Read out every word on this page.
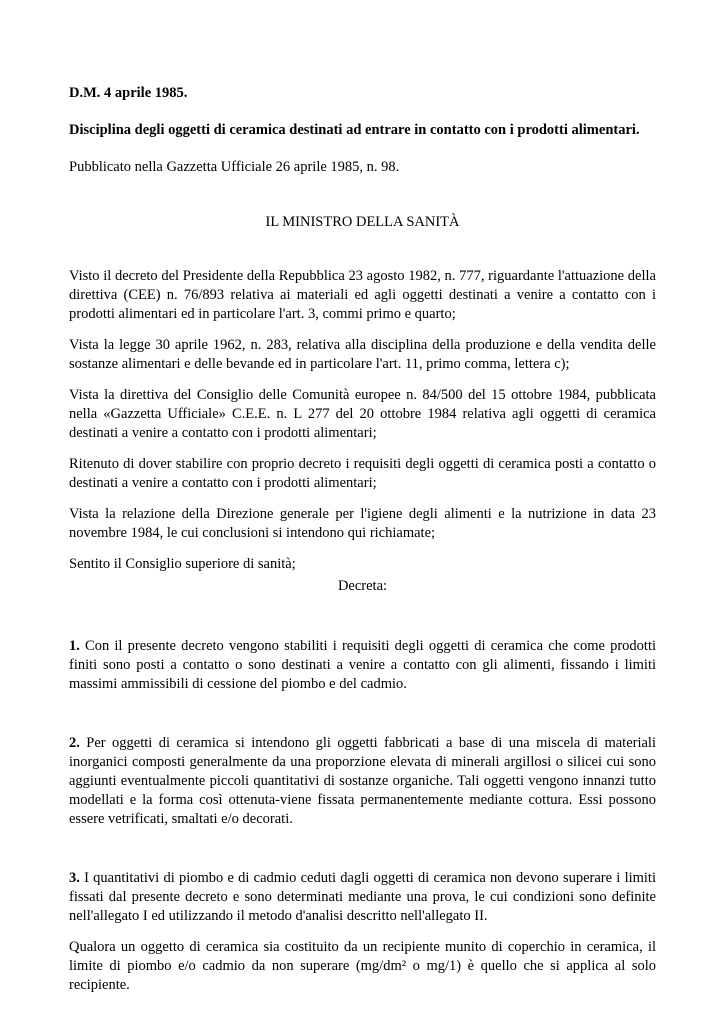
D.M. 4 aprile 1985.

Disciplina degli oggetti di ceramica destinati ad entrare in contatto con i prodotti alimentari.

Pubblicato nella Gazzetta Ufficiale 26 aprile 1985, n. 98.

IL MINISTRO DELLA SANITÀ

Visto il decreto del Presidente della Repubblica 23 agosto 1982, n. 777, riguardante l'attuazione della direttiva (CEE) n. 76/893 relativa ai materiali ed agli oggetti destinati a venire a contatto con i prodotti alimentari ed in particolare l'art. 3, commi primo e quarto;

Vista la legge 30 aprile 1962, n. 283, relativa alla disciplina della produzione e della vendita delle sostanze alimentari e delle bevande ed in particolare l'art. 11, primo comma, lettera c);

Vista la direttiva del Consiglio delle Comunità europee n. 84/500 del 15 ottobre 1984, pubblicata nella «Gazzetta Ufficiale» C.E.E. n. L 277 del 20 ottobre 1984 relativa agli oggetti di ceramica destinati a venire a contatto con i prodotti alimentari;

Ritenuto di dover stabilire con proprio decreto i requisiti degli oggetti di ceramica posti a contatto o destinati a venire a contatto con i prodotti alimentari;

Vista la relazione della Direzione generale per l'igiene degli alimenti e la nutrizione in data 23 novembre 1984, le cui conclusioni si intendono qui richiamate;

Sentito il Consiglio superiore di sanità;

Decreta:

1. Con il presente decreto vengono stabiliti i requisiti degli oggetti di ceramica che come prodotti finiti sono posti a contatto o sono destinati a venire a contatto con gli alimenti, fissando i limiti massimi ammissibili di cessione del piombo e del cadmio.

2. Per oggetti di ceramica si intendono gli oggetti fabbricati a base di una miscela di materiali inorganici composti generalmente da una proporzione elevata di minerali argillosi o silicei cui sono aggiunti eventualmente piccoli quantitativi di sostanze organiche. Tali oggetti vengono innanzi tutto modellati e la forma così ottenuta-viene fissata permanentemente mediante cottura. Essi possono essere vetrificati, smaltati e/o decorati.

3. I quantitativi di piombo e di cadmio ceduti dagli oggetti di ceramica non devono superare i limiti fissati dal presente decreto e sono determinati mediante una prova, le cui condizioni sono definite nell'allegato I ed utilizzando il metodo d'analisi descritto nell'allegato II.

Qualora un oggetto di ceramica sia costituito da un recipiente munito di coperchio in ceramica, il limite di piombo e/o cadmio da non superare (mg/dm² o mg/1) è quello che si applica al solo recipiente.
